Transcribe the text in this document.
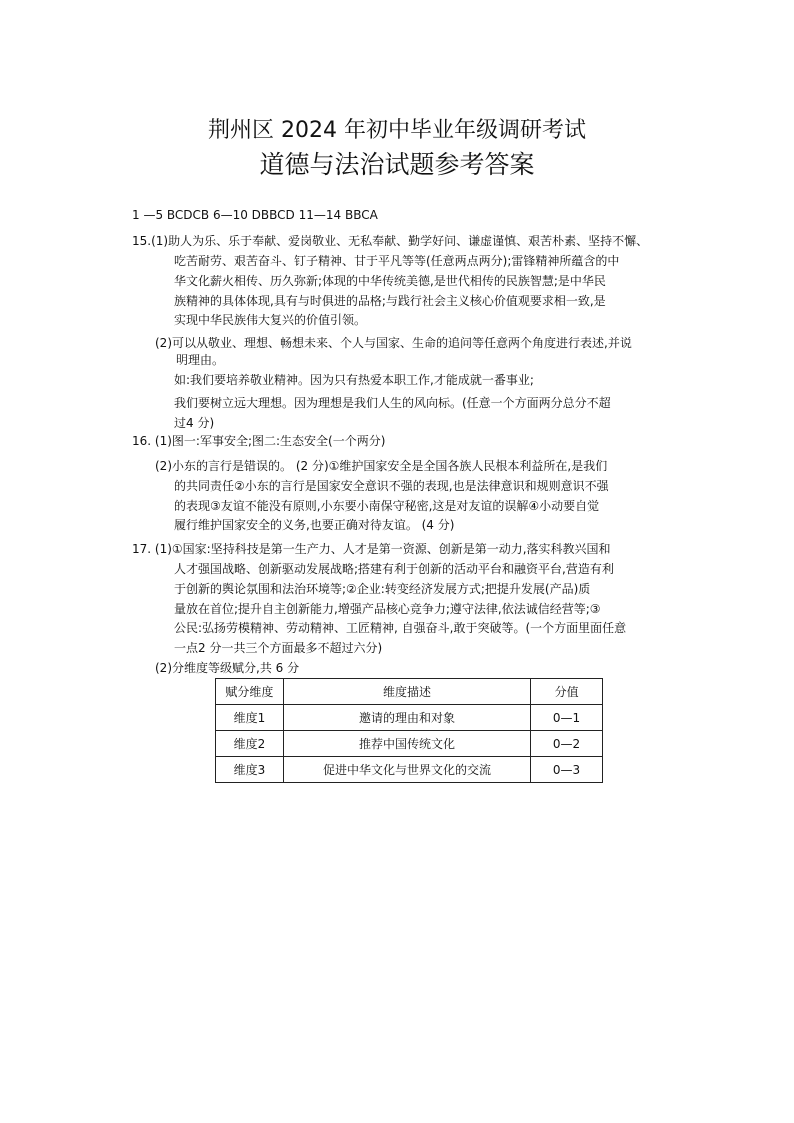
荆州区 2024 年初中毕业年级调研考试
道德与法治试题参考答案
1 —5 BCDCB 6—10 DBBCD 11—14 BBCA
15.(1)助人为乐、乐于奉献、爱岗敬业、无私奉献、勤学好问、谦虚谨慎、艰苦朴素、坚持不懈、
吃苦耐劳、艰苦奋斗、钉子精神、甘于平凡等等(任意两点两分);雷锋精神所蕴含的中
华文化薪火相传、历久弥新;体现的中华传统美德,是世代相传的民族智慧;是中华民
族精神的具体体现,具有与时俱进的品格;与践行社会主义核心价值观要求相一致,是
实现中华民族伟大复兴的价值引领。
(2)可以从敬业、理想、畅想未来、个人与国家、生命的追问等任意两个角度进行表述,并说
明理由。
如:我们要培养敬业精神。因为只有热爱本职工作,才能成就一番事业;
我们要树立远大理想。因为理想是我们人生的风向标。(任意一个方面两分总分不超
过4 分)
16. (1)图一:军事安全;图二:生态安全(一个两分)
(2)小东的言行是错误的。 (2 分)①维护国家安全是全国各族人民根本利益所在,是我们
的共同责任②小东的言行是国家安全意识不强的表现,也是法律意识和规则意识不强
的表现③友谊不能没有原则,小东要小南保守秘密,这是对友谊的误解④小动要自觉
履行维护国家安全的义务,也要正确对待友谊。 (4 分)
17. (1)①国家:坚持科技是第一生产力、人才是第一资源、创新是第一动力,落实科教兴国和
人才强国战略、创新驱动发展战略;搭建有利于创新的活动平台和融资平台,营造有利
于创新的舆论氛围和法治环境等;②企业:转变经济发展方式;把提升发展(产品)质
量放在首位;提升自主创新能力,增强产品核心竞争力;遵守法律,依法诚信经营等;③
公民:弘扬劳模精神、劳动精神、工匠精神, 自强奋斗,敢于突破等。(一个方面里面任意
一点2 分一共三个方面最多不超过六分)
(2)分维度等级赋分,共 6 分
赋分维度	维度描述	分值
维度1	邀请的理由和对象	0—1
维度2	推荐中国传统文化	0—2
维度3	促进中华文化与世界文化的交流	0—3
